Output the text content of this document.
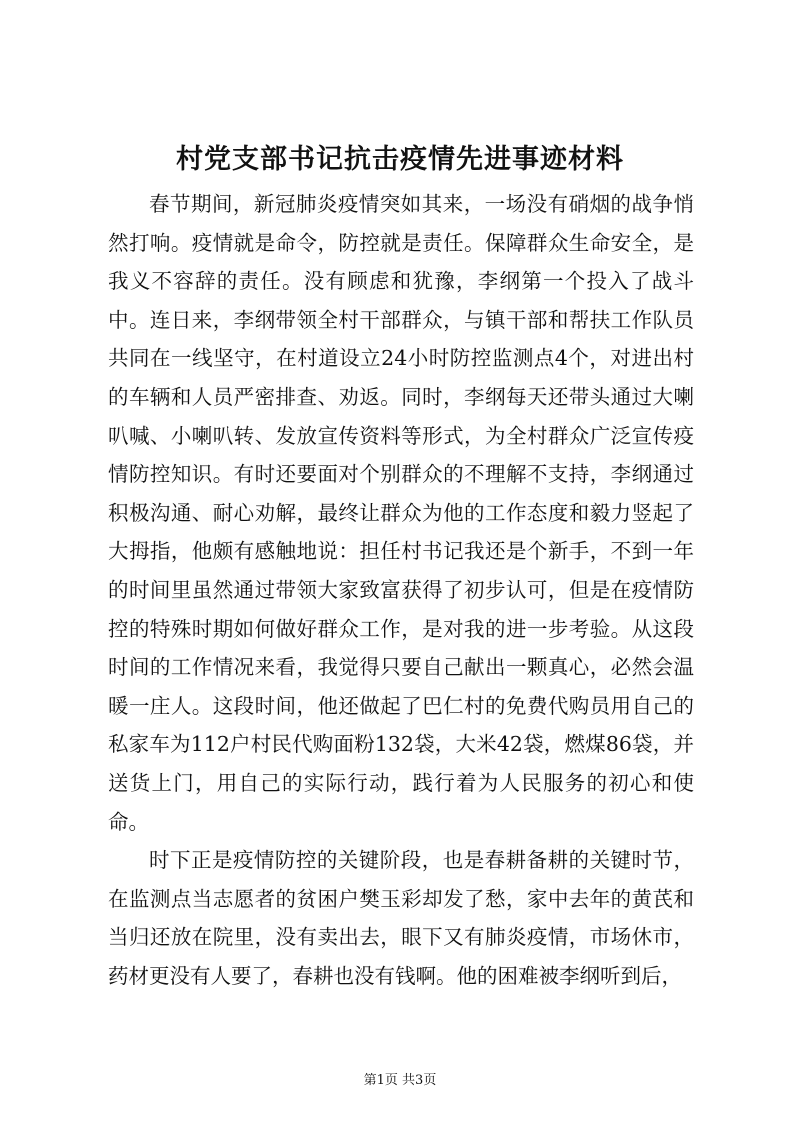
村党支部书记抗击疫情先进事迹材料

春节期间，新冠肺炎疫情突如其来，一场没有硝烟的战争悄然打响。疫情就是命令，防控就是责任。保障群众生命安全，是我义不容辞的责任。没有顾虑和犹豫，李纲第一个投入了战斗中。连日来，李纲带领全村干部群众，与镇干部和帮扶工作队员共同在一线坚守，在村道设立24小时防控监测点4个，对进出村的车辆和人员严密排查、劝返。同时，李纲每天还带头通过大喇叭喊、小喇叭转、发放宣传资料等形式，为全村群众广泛宣传疫情防控知识。有时还要面对个别群众的不理解不支持，李纲通过积极沟通、耐心劝解，最终让群众为他的工作态度和毅力竖起了大拇指，他颇有感触地说：担任村书记我还是个新手，不到一年的时间里虽然通过带领大家致富获得了初步认可，但是在疫情防控的特殊时期如何做好群众工作，是对我的进一步考验。从这段时间的工作情况来看，我觉得只要自己献出一颗真心，必然会温暖一庄人。这段时间，他还做起了巴仁村的免费代购员用自己的私家车为112户村民代购面粉132袋，大米42袋，燃煤86袋，并送货上门，用自己的实际行动，践行着为人民服务的初心和使命。

时下正是疫情防控的关键阶段，也是春耕备耕的关键时节，在监测点当志愿者的贫困户樊玉彩却发了愁，家中去年的黄芪和当归还放在院里，没有卖出去，眼下又有肺炎疫情，市场休市，药材更没有人要了，春耕也没有钱啊。他的困难被李纲听到后，

第1页 共3页
